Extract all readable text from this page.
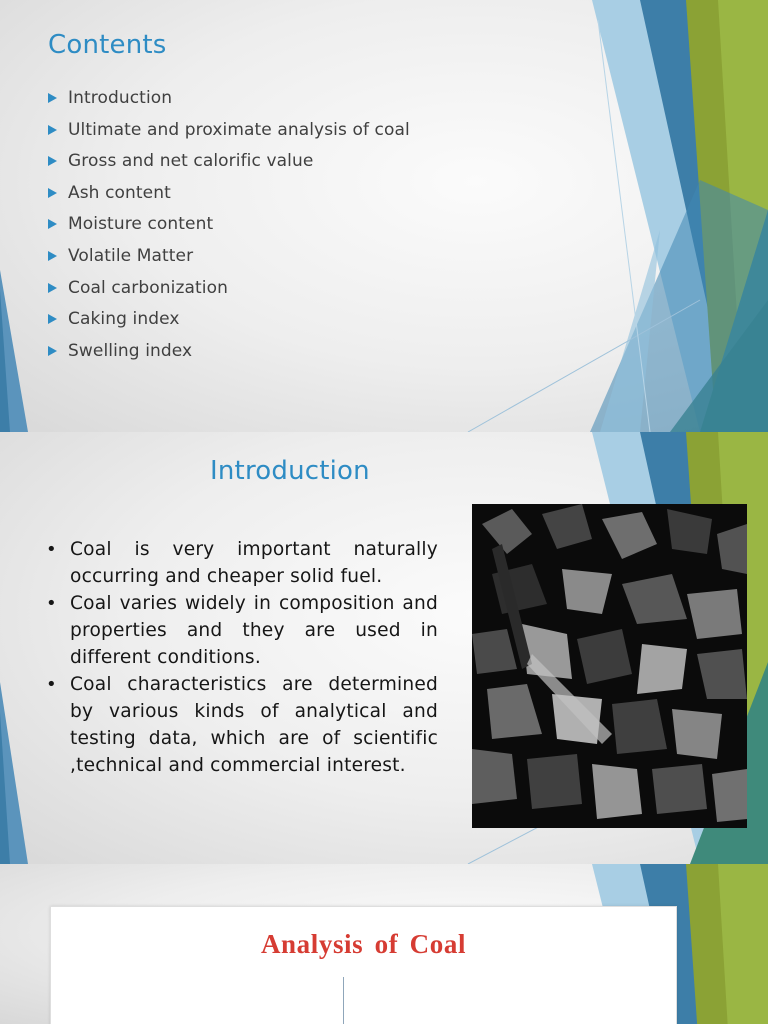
Contents
Introduction
Ultimate and proximate analysis of coal
Gross and net calorific value
Ash content
Moisture content
Volatile Matter
Coal carbonization
Caking index
Swelling index
Introduction
• Coal is very important naturally occurring and cheaper solid fuel.
• Coal varies widely in composition and properties and they are used in different conditions.
• Coal characteristics are determined by various kinds of analytical and testing data, which are of scientific ,technical and commercial interest.
Analysis of Coal
